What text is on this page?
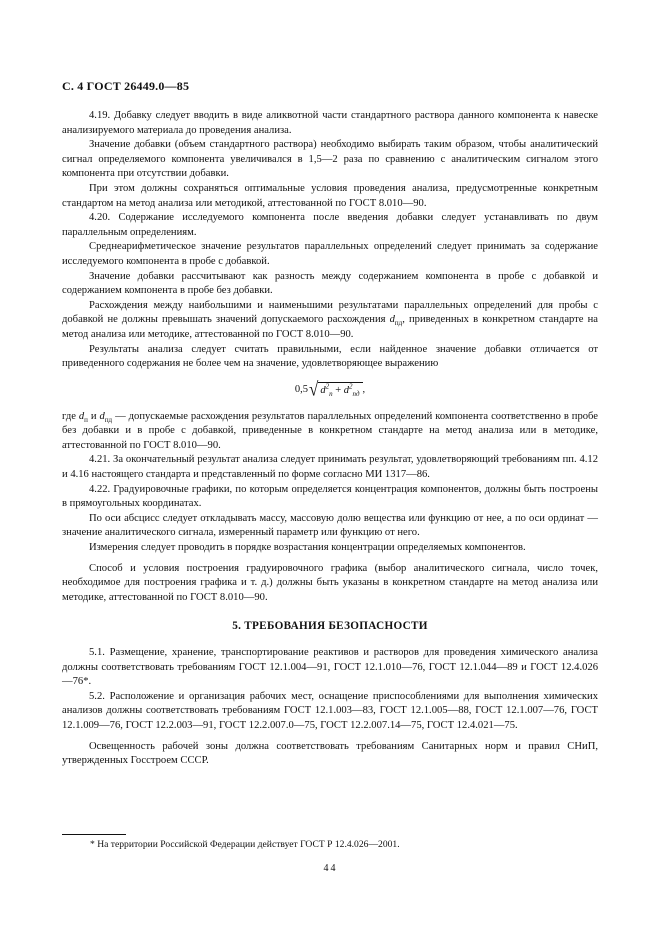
С. 4 ГОСТ 26449.0—85

4.19. Добавку следует вводить в виде аликвотной части стандартного раствора данного компонента к навеске анализируемого материала до проведения анализа.

Значение добавки (объем стандартного раствора) необходимо выбирать таким образом, чтобы аналитический сигнал определяемого компонента увеличивался в 1,5—2 раза по сравнению с аналитическим сигналом этого компонента при отсутствии добавки.

При этом должны сохраняться оптимальные условия проведения анализа, предусмотренные конкретным стандартом на метод анализа или методикой, аттестованной по ГОСТ 8.010—90.

4.20. Содержание исследуемого компонента после введения добавки следует устанавливать по двум параллельным определениям.

Среднеарифметическое значение результатов параллельных определений следует принимать за содержание исследуемого компонента в пробе с добавкой.

Значение добавки рассчитывают как разность между содержанием компонента в пробе с добавкой и содержанием компонента в пробе без добавки.

Расхождения между наибольшими и наименьшими результатами параллельных определений для пробы с добавкой не должны превышать значений допускаемого расхождения $d_{пд}$, приведенных в конкретном стандарте на метод анализа или методике, аттестованной по ГОСТ 8.010—90.

Результаты анализа следует считать правильными, если найденное значение добавки отличается от приведенного содержания не более чем на значение, удовлетворяющее выражению

0,5 √ $d^2_п + d^2_{пд}$ ,

где $d_п$ и $d_{пд}$ — допускаемые расхождения результатов параллельных определений компонента соответственно в пробе без добавки и в пробе с добавкой, приведенные в конкретном стандарте на метод анализа или в методике, аттестованной по ГОСТ 8.010—90.

4.21. За окончательный результат анализа следует принимать результат, удовлетворяющий требованиям пп. 4.12 и 4.16 настоящего стандарта и представленный по форме согласно МИ 1317—86.

4.22. Градуировочные графики, по которым определяется концентрация компонентов, должны быть построены в прямоугольных координатах.

По оси абсцисс следует откладывать массу, массовую долю вещества или функцию от нее, а по оси ординат — значение аналитического сигнала, измеренный параметр или функцию от него.

Измерения следует проводить в порядке возрастания концентрации определяемых компонентов.

Способ и условия построения градуировочного графика (выбор аналитического сигнала, число точек, необходимое для построения графика и т. д.) должны быть указаны в конкретном стандарте на метод анализа или методике, аттестованной по ГОСТ 8.010—90.

5. ТРЕБОВАНИЯ БЕЗОПАСНОСТИ

5.1. Размещение, хранение, транспортирование реактивов и растворов для проведения химического анализа должны соответствовать требованиям ГОСТ 12.1.004—91, ГОСТ 12.1.010—76, ГОСТ 12.1.044—89 и ГОСТ 12.4.026—76*.

5.2. Расположение и организация рабочих мест, оснащение приспособлениями для выполнения химических анализов должны соответствовать требованиям ГОСТ 12.1.003—83, ГОСТ 12.1.005—88, ГОСТ 12.1.007—76, ГОСТ 12.1.009—76, ГОСТ 12.2.003—91, ГОСТ 12.2.007.0—75, ГОСТ 12.2.007.14—75, ГОСТ 12.4.021—75.

Освещенность рабочей зоны должна соответствовать требованиям Санитарных норм и правил СНиП, утвержденных Госстроем СССР.

* На территории Российской Федерации действует ГОСТ Р 12.4.026—2001.
44
